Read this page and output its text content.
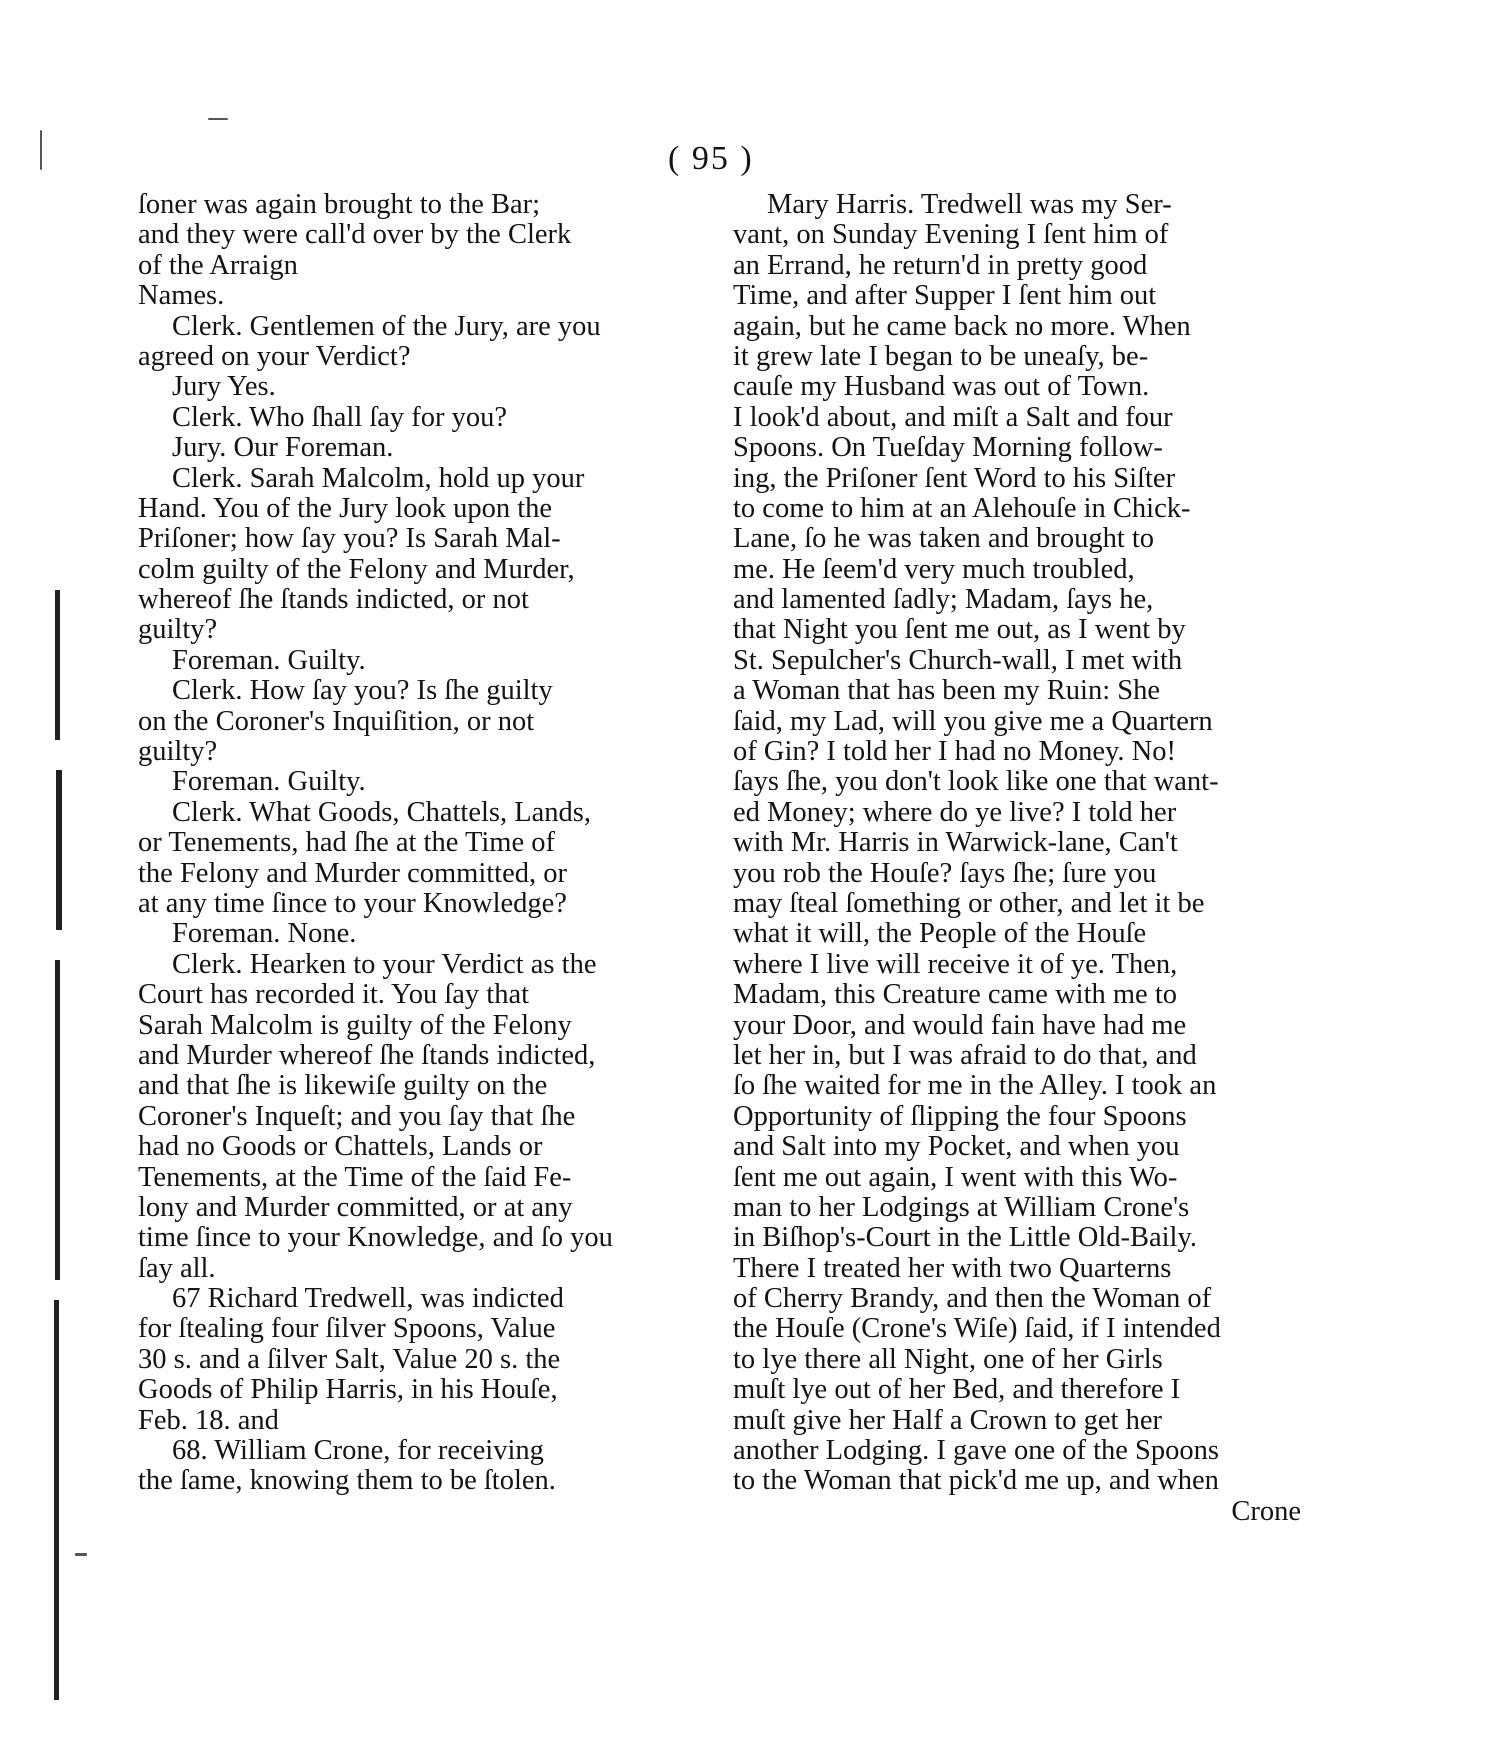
( 95 )
ſoner was again brought to the Bar;
and they were call'd over by the Clerk
of the Arraign
Names.
Clerk. Gentlemen of the Jury, are you
agreed on your Verdict?
Jury Yes.
Clerk. Who ſhall ſay for you?
Jury. Our Foreman.
Clerk. Sarah Malcolm, hold up your
Hand. You of the Jury look upon the
Priſoner; how ſay you? Is Sarah Mal-
colm guilty of the Felony and Murder,
whereof ſhe ſtands indicted, or not
guilty?
Foreman. Guilty.
Clerk. How ſay you? Is ſhe guilty
on the Coroner's Inquiſition, or not
guilty?
Foreman. Guilty.
Clerk. What Goods, Chattels, Lands,
or Tenements, had ſhe at the Time of
the Felony and Murder committed, or
at any time ſince to your Knowledge?
Foreman. None.
Clerk. Hearken to your Verdict as the
Court has recorded it. You ſay that
Sarah Malcolm is guilty of the Felony
and Murder whereof ſhe ſtands indicted,
and that ſhe is likewiſe guilty on the
Coroner's Inqueſt; and you ſay that ſhe
had no Goods or Chattels, Lands or
Tenements, at the Time of the ſaid Fe-
lony and Murder committed, or at any
time ſince to your Knowledge, and ſo you
ſay all.
67 Richard Tredwell, was indicted
for ſtealing four ſilver Spoons, Value
30 s. and a ſilver Salt, Value 20 s. the
Goods of Philip Harris, in his Houſe,
Feb. 18. and
68. William Crone, for receiving
the ſame, knowing them to be ſtolen.
Mary Harris. Tredwell was my Ser-
vant, on Sunday Evening I ſent him of
an Errand, he return'd in pretty good
Time, and after Supper I ſent him out
again, but he came back no more. When
it grew late I began to be uneaſy, be-
cauſe my Husband was out of Town.
I look'd about, and miſt a Salt and four
Spoons. On Tueſday Morning follow-
ing, the Priſoner ſent Word to his Siſter
to come to him at an Alehouſe in Chick-
Lane, ſo he was taken and brought to
me. He ſeem'd very much troubled,
and lamented ſadly; Madam, ſays he,
that Night you ſent me out, as I went by
St. Sepulcher's Church-wall, I met with
a Woman that has been my Ruin: She
ſaid, my Lad, will you give me a Quartern
of Gin? I told her I had no Money. No!
ſays ſhe, you don't look like one that want-
ed Money; where do ye live? I told her
with Mr. Harris in Warwick-lane, Can't
you rob the Houſe? ſays ſhe; ſure you
may ſteal ſomething or other, and let it be
what it will, the People of the Houſe
where I live will receive it of ye. Then,
Madam, this Creature came with me to
your Door, and would fain have had me
let her in, but I was afraid to do that, and
ſo ſhe waited for me in the Alley. I took an
Opportunity of ſlipping the four Spoons
and Salt into my Pocket, and when you
ſent me out again, I went with this Wo-
man to her Lodgings at William Crone's
in Biſhop's-Court in the Little Old-Baily.
There I treated her with two Quarterns
of Cherry Brandy, and then the Woman of
the Houſe (Crone's Wiſe) ſaid, if I intended
to lye there all Night, one of her Girls
muſt lye out of her Bed, and therefore I
muſt give her Half a Crown to get her
another Lodging. I gave one of the Spoons
to the Woman that pick'd me up, and when
Crone
